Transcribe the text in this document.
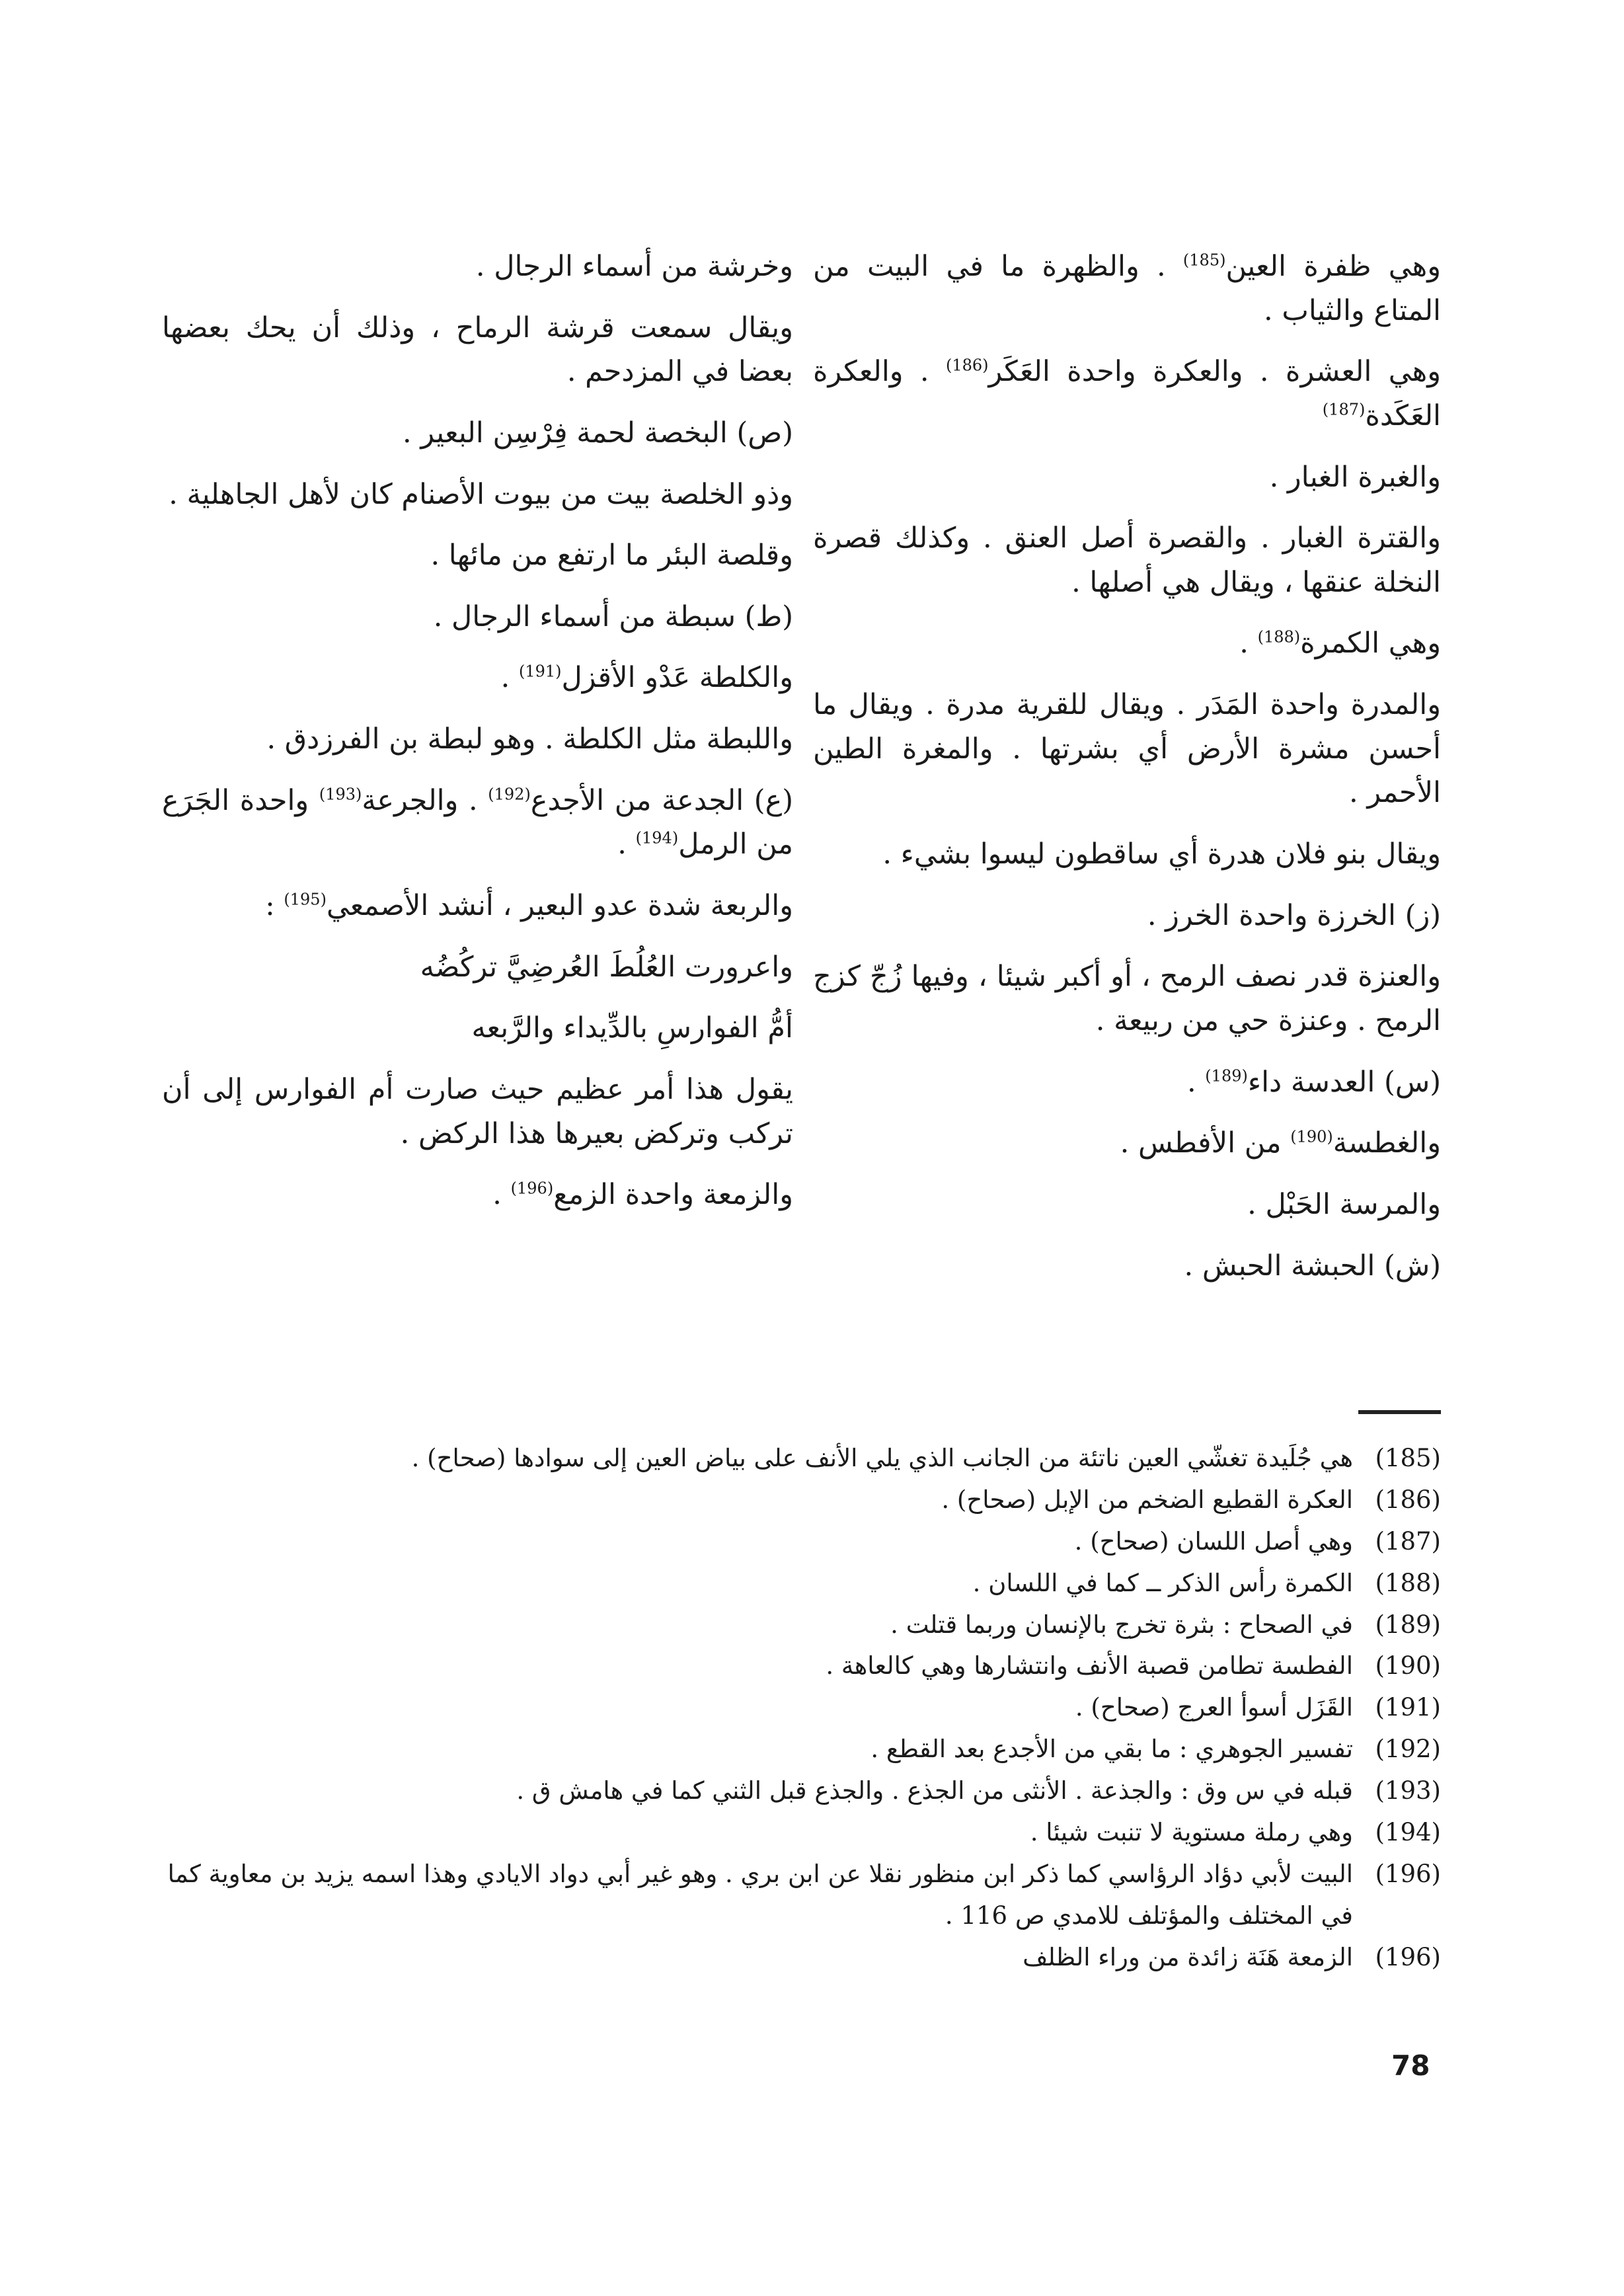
وهي ظفرة العين$^{(185)}$ . والظهرة ما في البيت من المتاع والثياب .

وهي العشرة . والعكرة واحدة العَكَر$^{(186)}$ . والعكرة العَكَدة$^{(187)}$

والغبرة الغبار .

والقترة الغبار . والقصرة أصل العنق . وكذلك قصرة النخلة عنقها ، ويقال هي أصلها .

وهي الكمرة$^{(188)}$ .

والمدرة واحدة المَدَر . ويقال للقرية مدرة . ويقال ما أحسن مشرة الأرض أي بشرتها . والمغرة الطين الأحمر .

ويقال بنو فلان هدرة أي ساقطون ليسوا بشيء .

(ز) الخرزة واحدة الخرز .

والعنزة قدر نصف الرمح ، أو أكبر شيئا ، وفيها زُجّ كزج الرمح . وعنزة حي من ربيعة .

(س) العدسة داء$^{(189)}$ .

والغطسة$^{(190)}$ من الأفطس .

والمرسة الحَبْل .

(ش) الحبشة الحبش .

وخرشة من أسماء الرجال .

ويقال سمعت قرشة الرماح ، وذلك أن يحك بعضها بعضا في المزدحم .

(ص) البخصة لحمة فِرْسِن البعير .

وذو الخلصة بيت من بيوت الأصنام كان لأهل الجاهلية .

وقلصة البئر ما ارتفع من مائها .

(ط) سبطة من أسماء الرجال .

والكلطة عَدْو الأقزل$^{(191)}$ .

واللبطة مثل الكلطة . وهو لبطة بن الفرزدق .

(ع) الجدعة من الأجدع$^{(192)}$ . والجرعة$^{(193)}$ واحدة الجَرَع من الرمل$^{(194)}$ .

والربعة شدة عدو البعير ، أنشد الأصمعي$^{(195)}$ :

واعرورت العُلُطَ العُرضِيَّ تركُضُه

أمُّ الفوارسِ بالدِّيداء والرَّبعه

يقول هذا أمر عظيم حيث صارت أم الفوارس إلى أن تركب وتركض بعيرها هذا الركض .

والزمعة واحدة الزمع$^{(196)}$ .

(185)
هي جُلَيدة تغشّي العين ناتئة من الجانب الذي يلي الأنف على بياض العين إلى سوادها (صحاح) .
(186)
العكرة القطيع الضخم من الإبل (صحاح) .
(187)
وهي أصل اللسان (صحاح) .
(188)
الكمرة رأس الذكر ــ كما في اللسان .
(189)
في الصحاح : بثرة تخرج بالإنسان وربما قتلت .
(190)
الفطسة تطامن قصبة الأنف وانتشارها وهي كالعاهة .
(191)
القَزَل أسوأ العرج (صحاح) .
(192)
تفسير الجوهري : ما بقي من الأجدع بعد القطع .
(193)
قبله في س وق : والجذعة . الأنثى من الجذع . والجذع قبل الثني كما في هامش ق .
(194)
وهي رملة مستوية لا تنبت شيئا .
(196)
البيت لأبي دؤاد الرؤاسي كما ذكر ابن منظور نقلا عن ابن بري . وهو غير أبي دواد الايادي وهذا اسمه يزيد بن معاوية كما في المختلف والمؤتلف للامدي ص 116 .
(196)
الزمعة هَنَة زائدة من وراء الظلف
78
